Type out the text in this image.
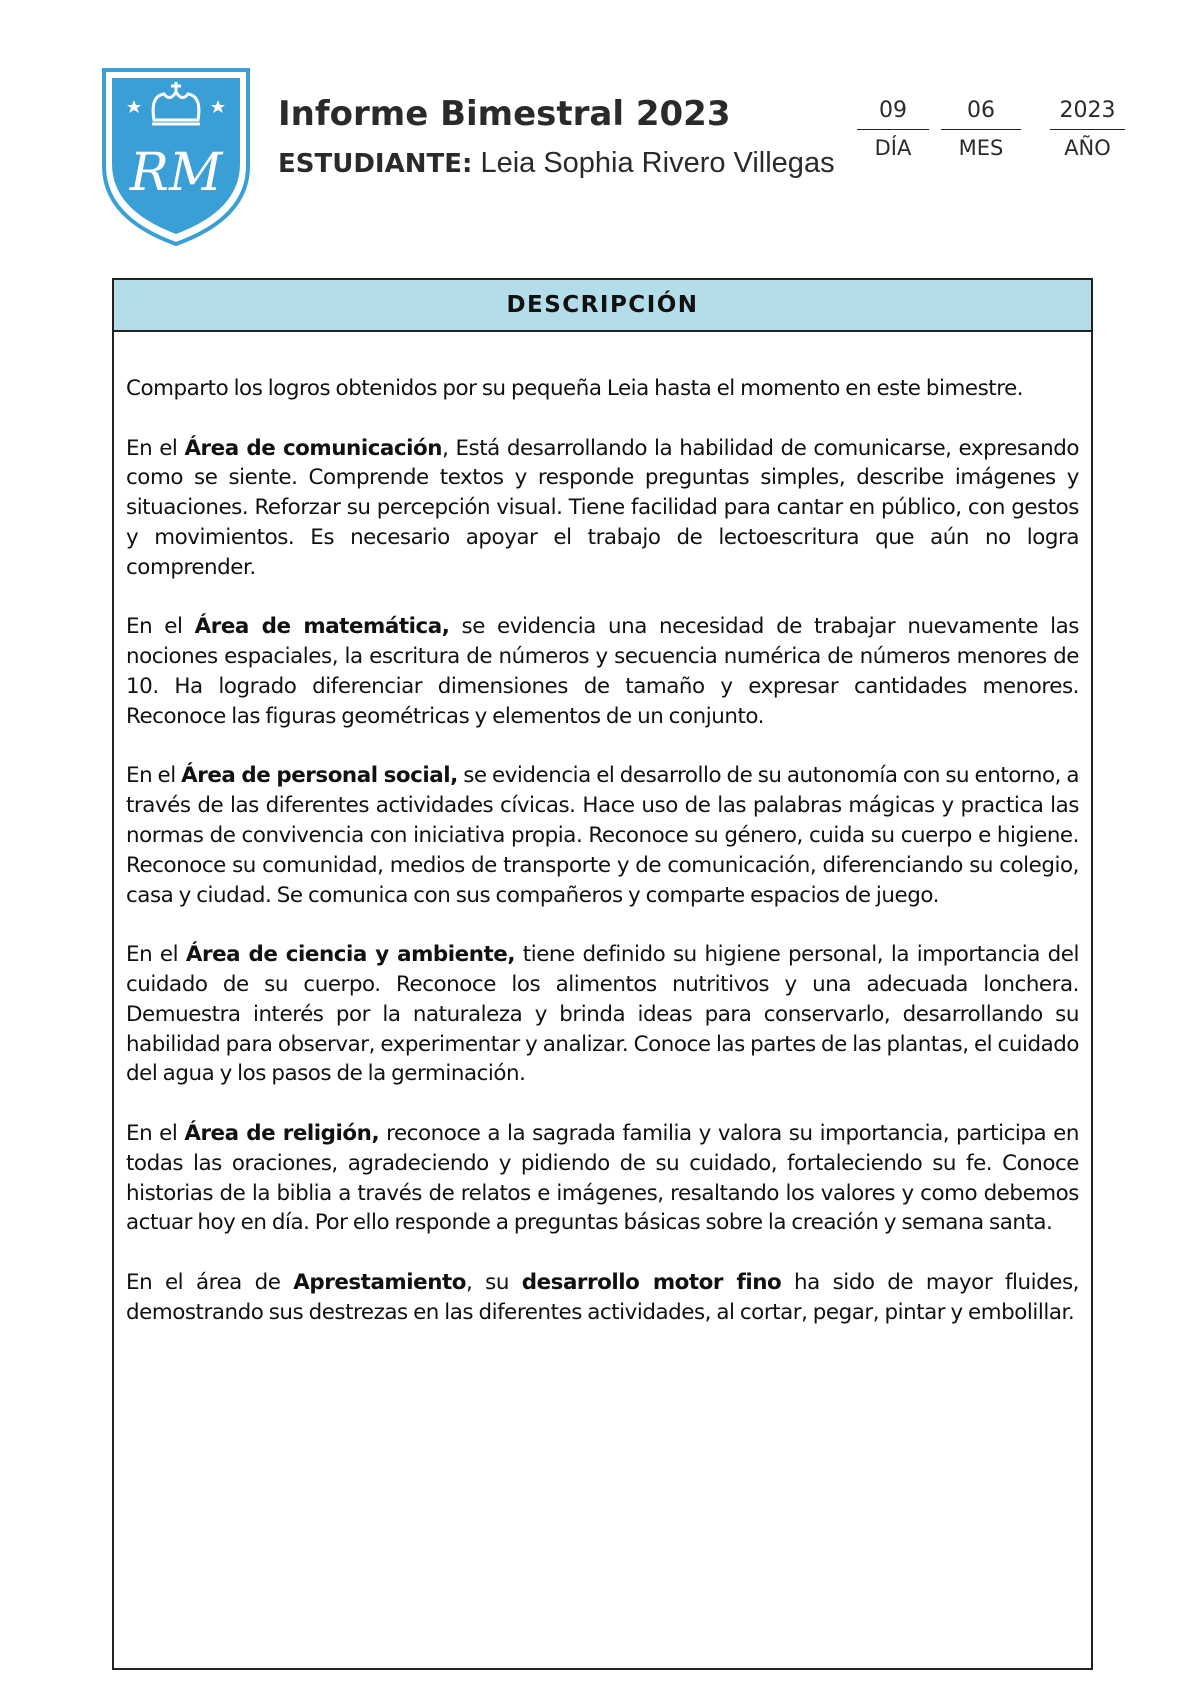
RM
Informe Bimestral 2023
ESTUDIANTE: Leia Sophia Rivero Villegas
09
DÍA
06
MES
2023
AÑO
DESCRIPCIÓN

Comparto los logros obtenidos por su pequeña Leia hasta el momento en este bimestre.

En el Área de comunicación, Está desarrollando la habilidad de comunicarse, expresando como se siente. Comprende textos y responde preguntas simples, describe imágenes y situaciones. Reforzar su percepción visual. Tiene facilidad para cantar en público, con gestos y movimientos. Es necesario apoyar el trabajo de lectoescritura que aún no logra comprender.

En el Área de matemática, se evidencia una necesidad de trabajar nuevamente las nociones espaciales, la escritura de números y secuencia numérica de números menores de 10. Ha logrado diferenciar dimensiones de tamaño y expresar cantidades menores. Reconoce las figuras geométricas y elementos de un conjunto.

En el Área de personal social, se evidencia el desarrollo de su autonomía con su entorno, a través de las diferentes actividades cívicas. Hace uso de las palabras mágicas y practica las normas de convivencia con iniciativa propia. Reconoce su género, cuida su cuerpo e higiene. Reconoce su comunidad, medios de transporte y de comunicación, diferenciando su colegio, casa y ciudad. Se comunica con sus compañeros y comparte espacios de juego.

En el Área de ciencia y ambiente, tiene definido su higiene personal, la importancia del cuidado de su cuerpo. Reconoce los alimentos nutritivos y una adecuada lonchera. Demuestra interés por la naturaleza y brinda ideas para conservarlo, desarrollando su habilidad para observar, experimentar y analizar. Conoce las partes de las plantas, el cuidado del agua y los pasos de la germinación.

En el Área de religión, reconoce a la sagrada familia y valora su importancia, participa en todas las oraciones, agradeciendo y pidiendo de su cuidado, fortaleciendo su fe. Conoce historias de la biblia a través de relatos e imágenes, resaltando los valores y como debemos actuar hoy en día. Por ello responde a preguntas básicas sobre la creación y semana santa.

En el área de Aprestamiento, su desarrollo motor fino ha sido de mayor fluides, demostrando sus destrezas en las diferentes actividades, al cortar, pegar, pintar y embolillar.
